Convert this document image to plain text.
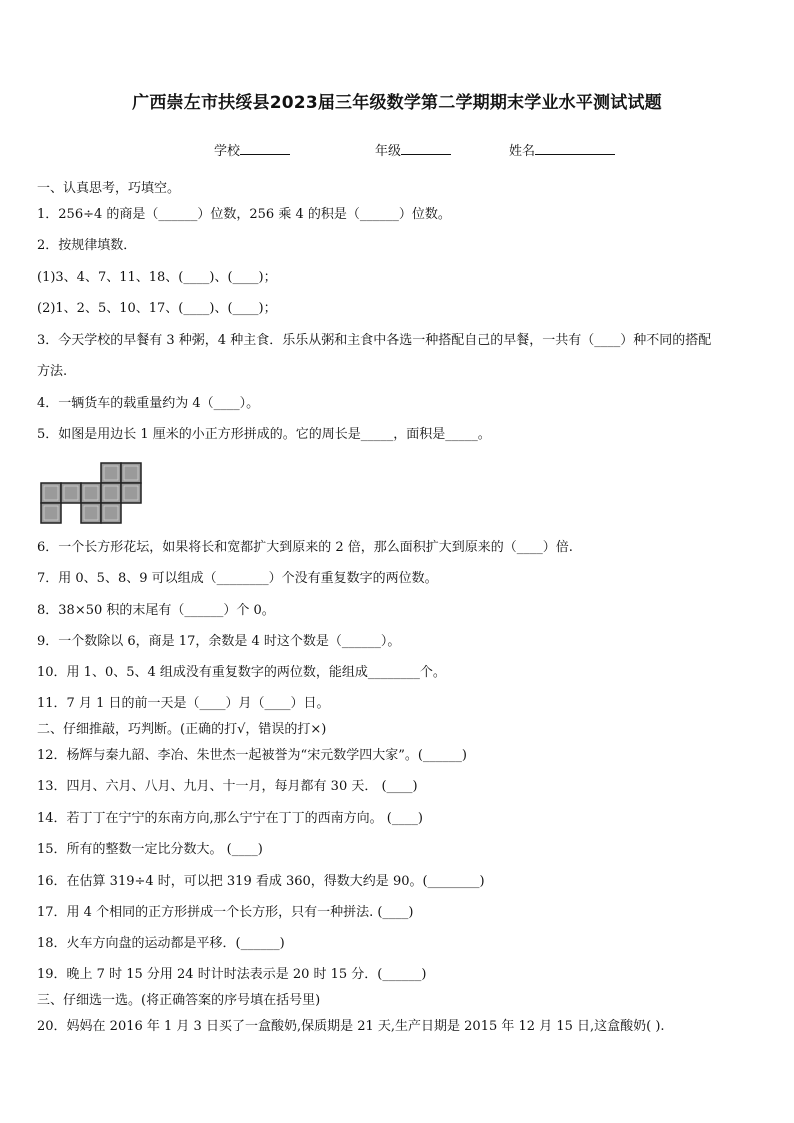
广西崇左市扶绥县2023届三年级数学第二学期期末学业水平测试试题
学校	年级	姓名
一、认真思考，巧填空。
1．256÷4 的商是（______）位数，256 乘 4 的积是（______）位数。
2．按规律填数．
(1)3、4、7、11、18、(____)、(____)；
(2)1、2、5、10、17、(____)、(____)；
3．今天学校的早餐有 3 种粥，4 种主食．乐乐从粥和主食中各选一种搭配自己的早餐，一共有（____）种不同的搭配
方法.
4．一辆货车的载重量约为 4（____）。
5．如图是用边长 1 厘米的小正方形拼成的。它的周长是_____，面积是_____。
6．一个长方形花坛，如果将长和宽都扩大到原来的 2 倍，那么面积扩大到原来的（____）倍.
7．用 0、5、8、9 可以组成（________）个没有重复数字的两位数。
8．38×50 积的末尾有（______）个 0。
9．一个数除以 6，商是 17，余数是 4 时这个数是（______）。
10．用 1、0、5、4 组成没有重复数字的两位数，能组成________个。
11．7 月 1 日的前一天是（____）月（____）日。
二、仔细推敲，巧判断。(正确的打√，错误的打×)
12．杨辉与秦九韶、李冶、朱世杰一起被誉为“宋元数学四大家”。(______)
13．四月、六月、八月、九月、十一月，每月都有 30 天． (____)
14．若丁丁在宁宁的东南方向,那么宁宁在丁丁的西南方向。 (____)
15．所有的整数一定比分数大。 (____)
16．在估算 319÷4 时，可以把 319 看成 360，得数大约是 90。(________)
17．用 4 个相同的正方形拼成一个长方形，只有一种拼法. (____)
18．火车方向盘的运动都是平移．(______)
19．晚上 7 时 15 分用 24 时计时法表示是 20 时 15 分．(______)
三、仔细选一选。(将正确答案的序号填在括号里)
20．妈妈在 2016 年 1 月 3 日买了一盒酸奶,保质期是 21 天,生产日期是 2015 年 12 月 15 日,这盒酸奶( ).
